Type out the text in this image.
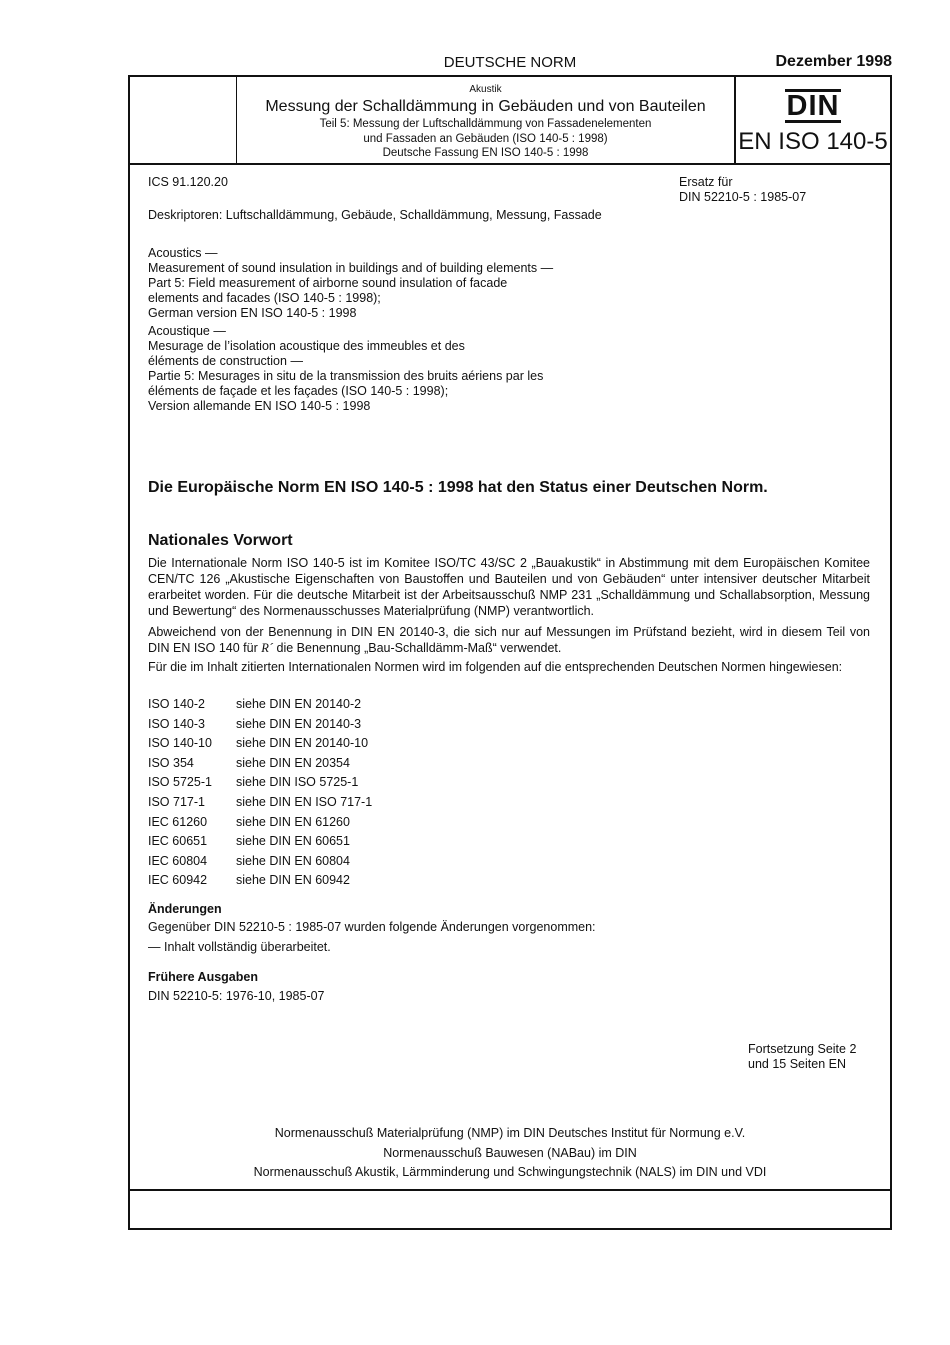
DEUTSCHE NORM	Dezember 1998
Akustik
Messung der Schalldämmung in Gebäuden und von Bauteilen
Teil 5: Messung der Luftschalldämmung von Fassadenelementen
und Fassaden an Gebäuden (ISO 140-5 : 1998)
Deutsche Fassung EN ISO 140-5 : 1998
DIN
EN ISO 140-5
ICS 91.120.20	Ersatz für
DIN 52210-5 : 1985-07
Deskriptoren: Luftschalldämmung, Gebäude, Schalldämmung, Messung, Fassade
Acoustics —
Measurement of sound insulation in buildings and of building elements —
Part 5: Field measurement of airborne sound insulation of facade
elements and facades (ISO 140-5 : 1998);
German version EN ISO 140-5 : 1998
Acoustique —
Mesurage de l’isolation acoustique des immeubles et des
éléments de construction —
Partie 5: Mesurages in situ de la transmission des bruits aériens par les
éléments de façade et les façades (ISO 140-5 : 1998);
Version allemande EN ISO 140-5 : 1998
Die Europäische Norm EN ISO 140-5 : 1998 hat den Status einer Deutschen Norm.
Nationales Vorwort
Die Internationale Norm ISO 140-5 ist im Komitee ISO/TC 43/SC 2 „Bauakustik“ in Abstimmung mit dem Europäischen Komitee CEN/TC 126 „Akustische Eigenschaften von Baustoffen und Bauteilen und von Gebäuden“ unter intensiver deutscher Mitarbeit erarbeitet worden. Für die deutsche Mitarbeit ist der Arbeitsausschuß NMP 231 „Schalldämmung und Schallabsorption, Messung und Bewertung“ des Normenausschusses Materialprüfung (NMP) verantwortlich.
Abweichend von der Benennung in DIN EN 20140-3, die sich nur auf Messungen im Prüfstand bezieht, wird in diesem Teil von DIN EN ISO 140 für R´ die Benennung „Bau-Schalldämm-Maß“ verwendet.
Für die im Inhalt zitierten Internationalen Normen wird im folgenden auf die entsprechenden Deutschen Normen hingewiesen:
ISO 140-2 siehe DIN EN 20140-2
ISO 140-3 siehe DIN EN 20140-3
ISO 140-10 siehe DIN EN 20140-10
ISO 354	siehe DIN EN 20354
ISO 5725-1 siehe DIN ISO 5725-1
ISO 717-1 siehe DIN EN ISO 717-1
IEC 61260 siehe DIN EN 61260
IEC 60651 siehe DIN EN 60651
IEC 60804 siehe DIN EN 60804
IEC 60942 siehe DIN EN 60942
Änderungen
Gegenüber DIN 52210-5 : 1985-07 wurden folgende Änderungen vorgenommen:
— Inhalt vollständig überarbeitet.
Frühere Ausgaben
DIN 52210-5: 1976-10, 1985-07
Fortsetzung Seite 2
und 15 Seiten EN
Normenausschuß Materialprüfung (NMP) im DIN Deutsches Institut für Normung e.V.
Normenausschuß Bauwesen (NABau) im DIN
Normenausschuß Akustik, Lärmminderung und Schwingungstechnik (NALS) im DIN und VDI
